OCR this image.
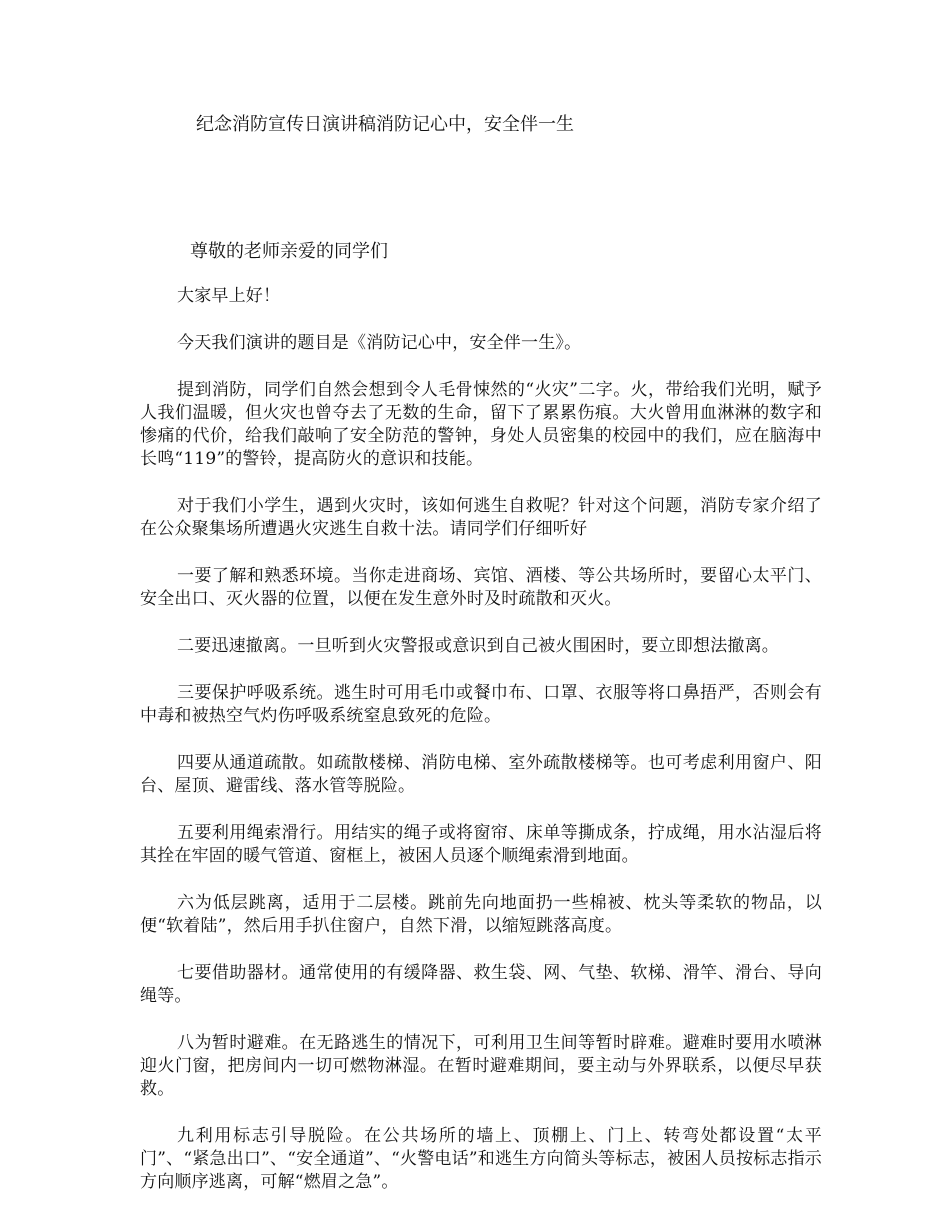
纪念消防宣传日演讲稿消防记心中，安全伴一生
尊敬的老师亲爱的同学们

大家早上好！

今天我们演讲的题目是《消防记心中，安全伴一生》。

提到消防，同学们自然会想到令人毛骨悚然的“火灾”二字。火，带给我们光明，赋予人我们温暖，但火灾也曾夺去了无数的生命，留下了累累伤痕。大火曾用血淋淋的数字和惨痛的代价，给我们敲响了安全防范的警钟，身处人员密集的校园中的我们，应在脑海中长鸣“119”的警铃，提高防火的意识和技能。

对于我们小学生，遇到火灾时，该如何逃生自救呢？针对这个问题，消防专家介绍了在公众聚集场所遭遇火灾逃生自救十法。请同学们仔细听好

一要了解和熟悉环境。当你走进商场、宾馆、酒楼、等公共场所时，要留心太平门、安全出口、灭火器的位置，以便在发生意外时及时疏散和灭火。

二要迅速撤离。一旦听到火灾警报或意识到自己被火围困时，要立即想法撤离。

三要保护呼吸系统。逃生时可用毛巾或餐巾布、口罩、衣服等将口鼻捂严，否则会有中毒和被热空气灼伤呼吸系统窒息致死的危险。

四要从通道疏散。如疏散楼梯、消防电梯、室外疏散楼梯等。也可考虑利用窗户、阳台、屋顶、避雷线、落水管等脱险。

五要利用绳索滑行。用结实的绳子或将窗帘、床单等撕成条，拧成绳，用水沾湿后将其拴在牢固的暖气管道、窗框上，被困人员逐个顺绳索滑到地面。

六为低层跳离，适用于二层楼。跳前先向地面扔一些棉被、枕头等柔软的物品，以便“软着陆”，然后用手扒住窗户，自然下滑，以缩短跳落高度。

七要借助器材。通常使用的有缓降器、救生袋、网、气垫、软梯、滑竿、滑台、导向绳等。

八为暂时避难。在无路逃生的情况下，可利用卫生间等暂时辟难。避难时要用水喷淋迎火门窗，把房间内一切可燃物淋湿。在暂时避难期间，要主动与外界联系，以便尽早获救。

九利用标志引导脱险。在公共场所的墙上、顶棚上、门上、转弯处都设置“太平门”、“紧急出口”、“安全通道”、“火警电话”和逃生方向简头等标志，被困人员按标志指示方向顺序逃离，可解“燃眉之急”。
